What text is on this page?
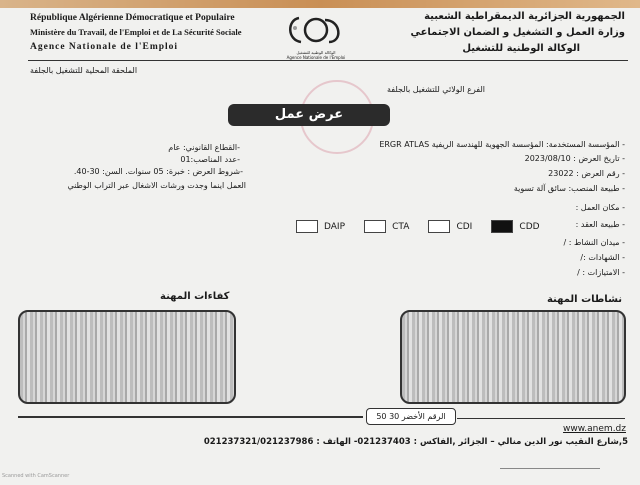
République Algérienne Démocratique et Populaire
Ministère du Travail, de l'Emploi et de La Sécurité Sociale
Agence Nationale de l'Emploi
الوكالة الوطنية للتشغيل
Agence Nationale de l'Emploi
الجمهورية الجزائرية الديمقراطية الشعبية
وزارة العمل و التشغيل و الضمان الاجتماعي
الوكالة الوطنية للتشغيل
الملحقة المحلية للتشغيل بالجلفة
الفرع الولائي للتشغيل بالجلفة
عرض عمل
- المؤسسة المستخدمة: المؤسسة الجهوية للهندسة الريفية ERGR ATLAS
- تاريخ العرض : 2023/08/10
- رقم العرض : 23022
- طبيعة المنصب: سائق آلة تسوية
- مكان العمل :
- طبيعة العقد :
- ميدان النشاط : /
- الشهادات :/
- الامتيازات : /
DAIP	CTA	CDI	CDD
-القطاع القانوني: عام
-عدد المناصب:01
-شروط العرض : خبرة: 05 سنوات. السن: 30-40.
العمل اينما وجدت ورشات الاشغال عبر التراب الوطني
نشاطات المهنة
كفاءات المهنة
الرقم الأخضر 30 50
www.anem.dz
5,شارع النقيب نور الدين منالي – الجزائر ,الفاكس : 021237403- الهاتف : 021237321/021237986
Scanned with CamScanner
